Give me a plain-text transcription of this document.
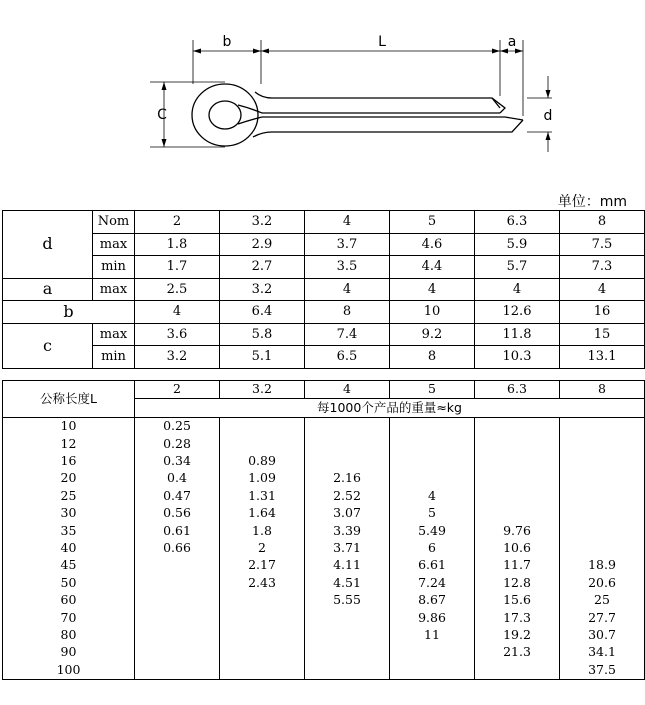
b	L	a
C	d
单位：mm
d	Nom	2	3.2	4	5	6.3	8
	max	1.8	2.9	3.7	4.6	5.9	7.5
	min	1.7	2.7	3.5	4.4	5.7	7.3
a	max	2.5	3.2	4	4	4	4
b		4	6.4	8	10	12.6	16
c	max	3.6	5.8	7.4	9.2	11.8	15
	min	3.2	5.1	6.5	8	10.3	13.1
公称长度L	2	3.2	4	5	6.3	8
	每1000个产品的重量≈kg					
10	0.25					
12	0.28					
16	0.34	0.89				
20	0.4	1.09	2.16			
25	0.47	1.31	2.52	4		
30	0.56	1.64	3.07	5		
35	0.61	1.8	3.39	5.49	9.76	
40	0.66	2	3.71	6	10.6	
45		2.17	4.11	6.61	11.7	18.9
50		2.43	4.51	7.24	12.8	20.6
60			5.55	8.67	15.6	25
70				9.86	17.3	27.7
80				11	19.2	30.7
90					21.3	34.1
100						37.5
